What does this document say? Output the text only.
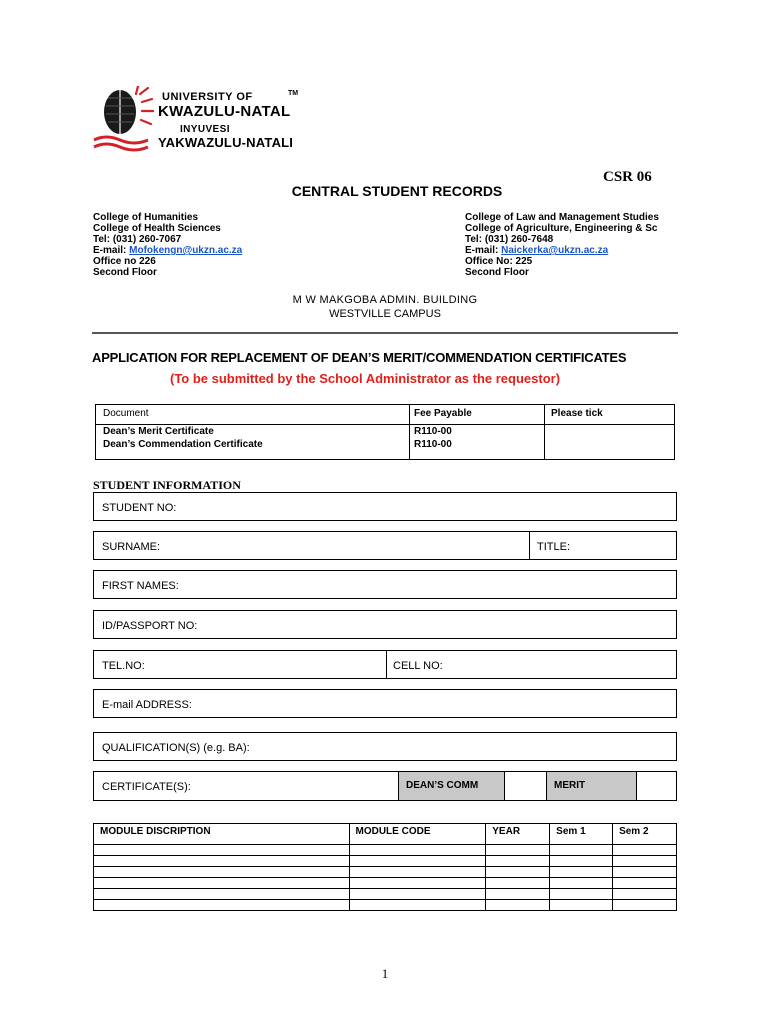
UNIVERSITY OF
KWAZULU-NATAL
INYUVESI
YAKWAZULU-NATALI
TM
CSR 06
CENTRAL STUDENT RECORDS
College of Humanities
College of Health Sciences
Tel: (031) 260-7067
E-mail: Mofokengn@ukzn.ac.za
Office no 226
Second Floor
College of Law and Management Studies
College of Agriculture, Engineering & Sc
Tel: (031) 260-7648
E-mail: Naickerka@ukzn.ac.za
Office No: 225
Second Floor
M W MAKGOBA ADMIN. BUILDING
WESTVILLE CAMPUS
APPLICATION FOR REPLACEMENT OF DEAN’S MERIT/COMMENDATION CERTIFICATES
(To be submitted by the School Administrator as the requestor)
Document	Fee Payable	Please tick
Dean’s Merit Certificate	R110-00
Dean’s Commendation Certificate	R110-00
STUDENT INFORMATION
STUDENT NO:
SURNAME:	TITLE:
FIRST NAMES:
ID/PASSPORT NO:
TEL.NO:	CELL NO:
E-mail ADDRESS:
QUALIFICATION(S) (e.g. BA):
CERTIFICATE(S):	DEAN’S COMM	MERIT
MODULE DISCRIPTION	MODULE CODE	YEAR	Sem 1	Sem 2

1
